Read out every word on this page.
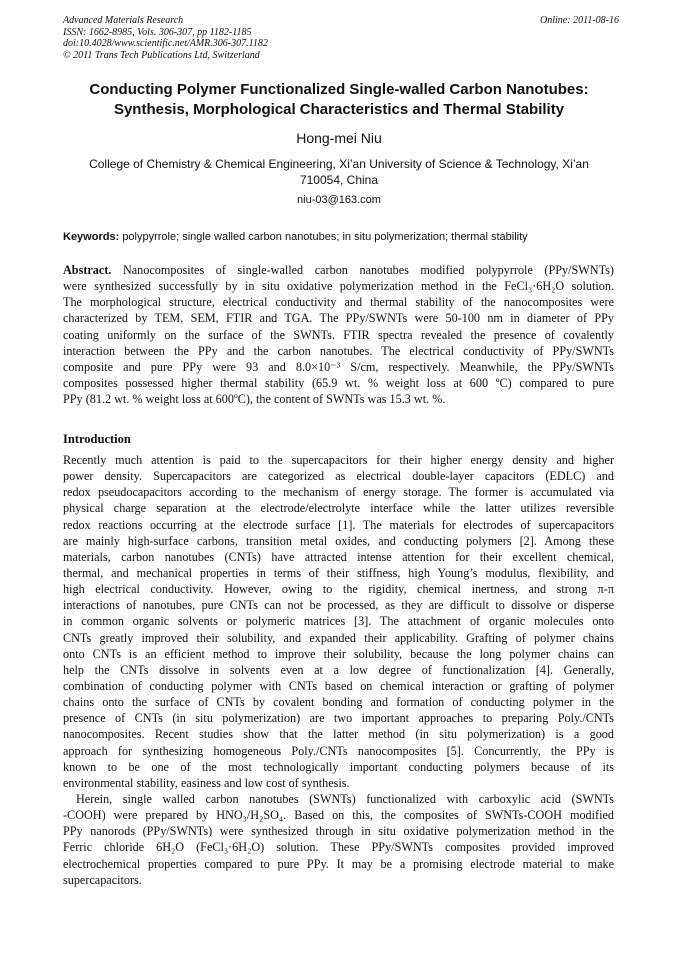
Advanced Materials Research
ISSN: 1662-8985, Vols. 306-307, pp 1182-1185
doi:10.4028/www.scientific.net/AMR.306-307.1182
© 2011 Trans Tech Publications Ltd, Switzerland
Online: 2011-08-16
Conducting Polymer Functionalized Single-walled Carbon Nanotubes:
Synthesis, Morphological Characteristics and Thermal Stability
Hong-mei Niu
College of Chemistry & Chemical Engineering, Xi’an University of Science & Technology, Xi’an
710054, China
niu-03@163.com
Keywords: polypyrrole; single walled carbon nanotubes; in situ polymerization; thermal stability
Abstract. Nanocomposites of single-walled carbon nanotubes modified polypyrrole (PPy/SWNTs)
were synthesized successfully by in situ oxidative polymerization method in the FeCl₃·6H₂O solution.
The morphological structure, electrical conductivity and thermal stability of the nanocomposites were
characterized by TEM, SEM, FTIR and TGA. The PPy/SWNTs were 50-100 nm in diameter of PPy
coating uniformly on the surface of the SWNTs. FTIR spectra revealed the presence of covalently
interaction between the PPy and the carbon nanotubes. The electrical conductivity of PPy/SWNTs
composite and pure PPy were 93 and 8.0×10⁻³ S/cm, respectively. Meanwhile, the PPy/SWNTs
composites possessed higher thermal stability (65.9 wt. % weight loss at 600 ºC) compared to pure
PPy (81.2 wt. % weight loss at 600ºC), the content of SWNTs was 15.3 wt. %.
Introduction
Recently much attention is paid to the supercapacitors for their higher energy density and higher
power density. Supercapacitors are categorized as electrical double-layer capacitors (EDLC) and
redox pseudocapacitors according to the mechanism of energy storage. The former is accumulated via
physical charge separation at the electrode/electrolyte interface while the latter utilizes reversible
redox reactions occurring at the electrode surface [1]. The materials for electrodes of supercapacitors
are mainly high-surface carbons, transition metal oxides, and conducting polymers [2]. Among these
materials, carbon nanotubes (CNTs) have attracted intense attention for their excellent chemical,
thermal, and mechanical properties in terms of their stiffness, high Young’s modulus, flexibility, and
high electrical conductivity. However, owing to the rigidity, chemical inertness, and strong π-π
interactions of nanotubes, pure CNTs can not be processed, as they are difficult to dissolve or disperse
in common organic solvents or polymeric matrices [3]. The attachment of organic molecules onto
CNTs greatly improved their solubility, and expanded their applicability. Grafting of polymer chains
onto CNTs is an efficient method to improve their solubility, because the long polymer chains can
help the CNTs dissolve in solvents even at a low degree of functionalization [4]. Generally,
combination of conducting polymer with CNTs based on chemical interaction or grafting of polymer
chains onto the surface of CNTs by covalent bonding and formation of conducting polymer in the
presence of CNTs (in situ polymerization) are two important approaches to preparing Poly./CNTs
nanocomposites. Recent studies show that the latter method (in situ polymerization) is a good
approach for synthesizing homogeneous Poly./CNTs nanocomposites [5]. Concurrently, the PPy is
known to be one of the most technologically important conducting polymers because of its
environmental stability, easiness and low cost of synthesis.
Herein, single walled carbon nanotubes (SWNTs) functionalized with carboxylic acid (SWNTs
-COOH) were prepared by HNO₃/H₂SO₄. Based on this, the composites of SWNTs-COOH modified
PPy nanorods (PPy/SWNTs) were synthesized through in situ oxidative polymerization method in the
Ferric chloride 6H₂O (FeCl₃·6H₂O) solution. These PPy/SWNTs composites provided improved
electrochemical properties compared to pure PPy. It may be a promising electrode material to make
supercapacitors.
